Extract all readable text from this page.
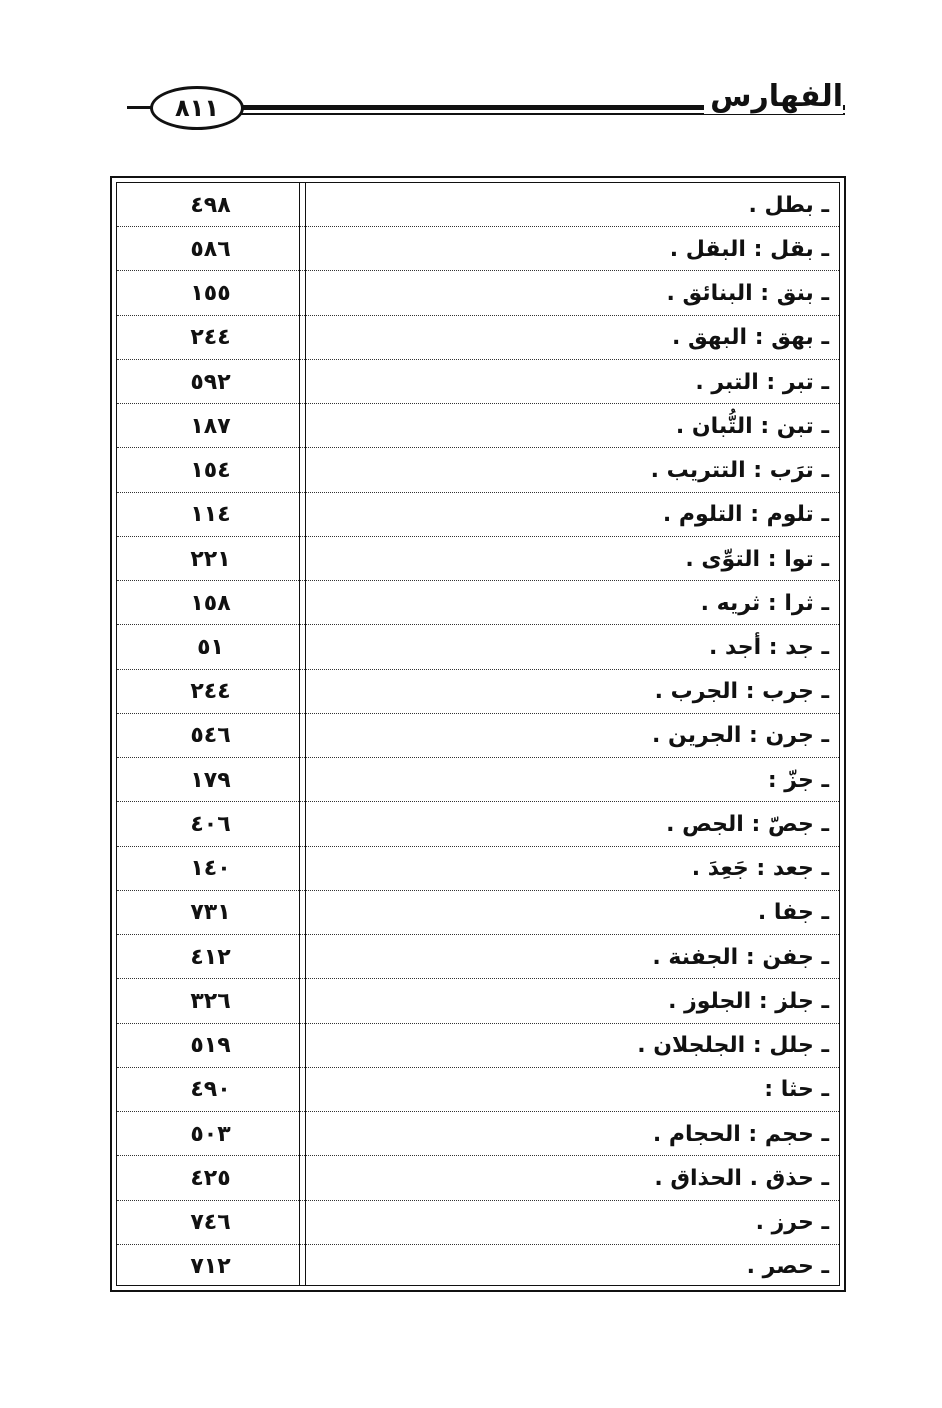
٨١١	الفهارس
٤٩٨	ـ بطل .
٥٨٦	ـ بقل : البقل .
١٥٥	ـ بنق : البنائق .
٢٤٤	ـ بهق : البهق .
٥٩٢	ـ تبر : التبر .
١٨٧	ـ تبن : التُّبان .
١٥٤	ـ ترَب : التتريب .
١١٤	ـ تلوم : التلوم .
٢٢١	ـ توا : التوِّى .
١٥٨	ـ ثرا : ثريه .
٥١	ـ جد : أجد .
٢٤٤	ـ جرب : الجرب .
٥٤٦	ـ جرن : الجرين .
١٧٩	ـ جزّ :
٤٠٦	ـ جصّ : الجص .
١٤٠	ـ جعد : جَعِدَ .
٧٣١	ـ جفا .
٤١٢	ـ جفن : الجفنة .
٣٢٦	ـ جلز : الجلوز .
٥١٩	ـ جلل : الجلجلان .
٤٩٠	ـ حثا :
٥٠٣	ـ حجم : الحجام .
٤٢٥	ـ حذق . الحذاق .
٧٤٦	ـ حرز .
٧١٢	ـ حصر .
